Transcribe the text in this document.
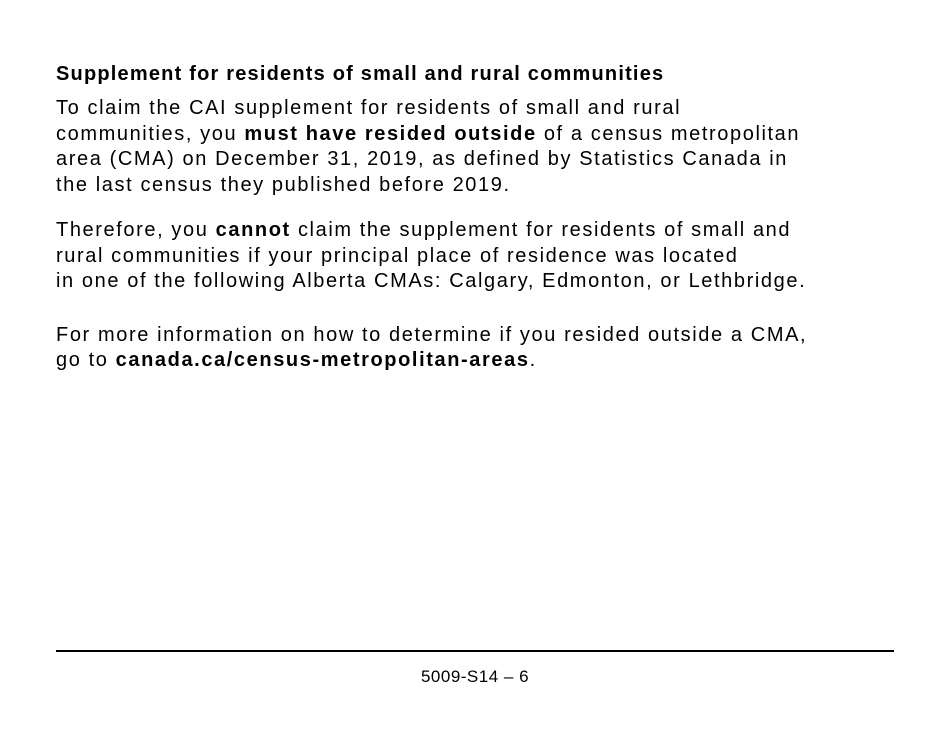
Supplement for residents of small and rural communities

To claim the CAI supplement for residents of small and rural
communities, you must have resided outside of a census metropolitan
area (CMA) on December 31, 2019, as defined by Statistics Canada in
the last census they published before 2019.

Therefore, you cannot claim the supplement for residents of small and
rural communities if your principal place of residence was located
in one of the following Alberta CMAs: Calgary, Edmonton, or Lethbridge.

For more information on how to determine if you resided outside a CMA,
go to canada.ca/census-metropolitan-areas.

5009-S14 – 6
